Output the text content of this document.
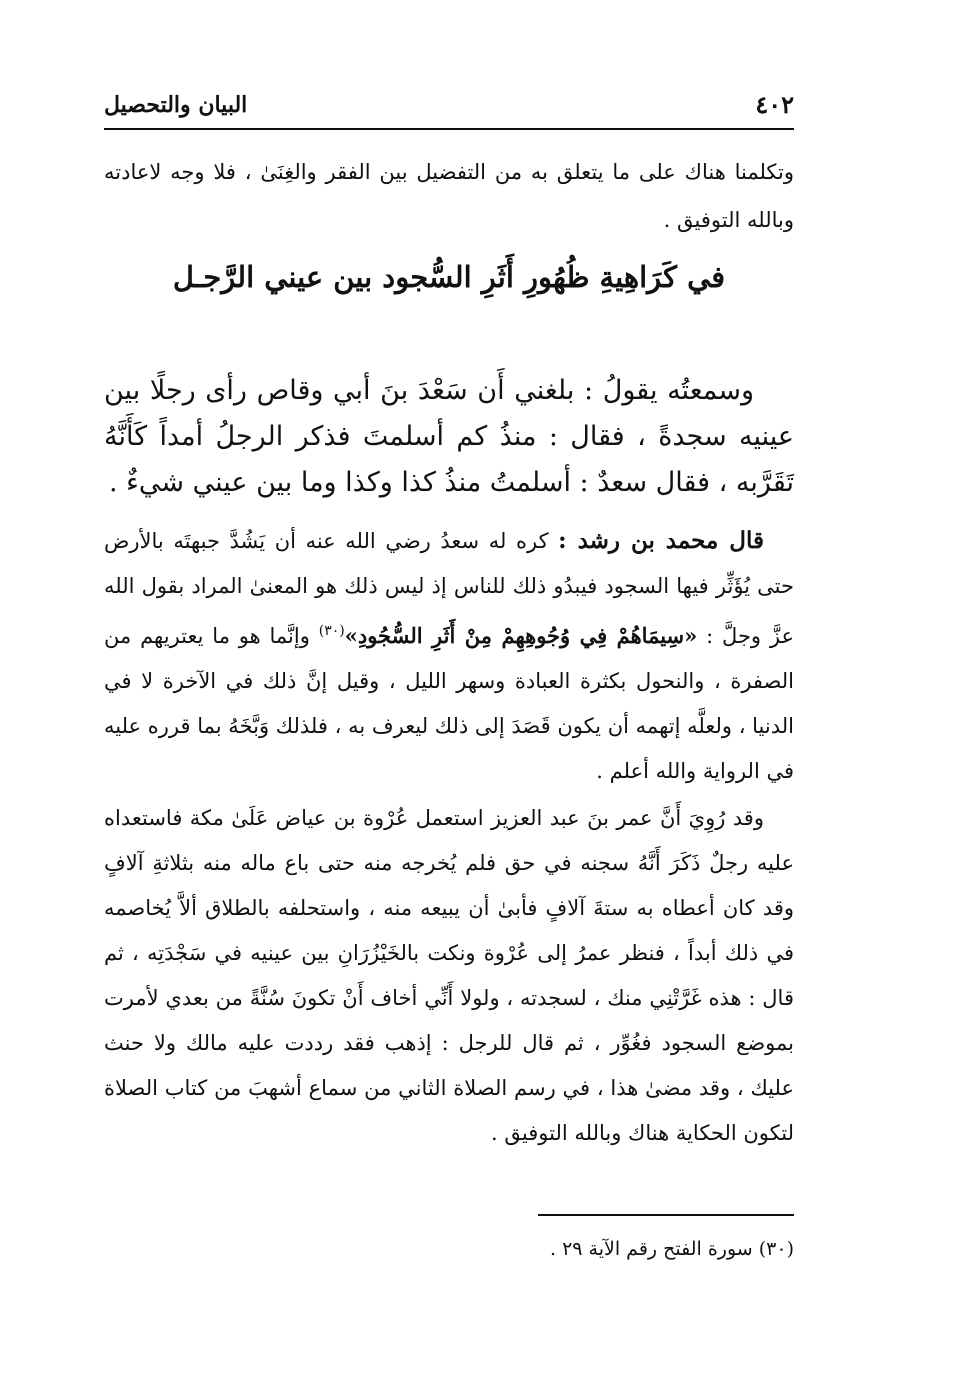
٤٠٢
البيان والتحصيل
وتكلمنا هناك على ما يتعلق به من التفضيل بين الفقر والغِنَىٰ ، فلا وجه لاعادته وبالله التوفيق .
في كَرَاهِيةِ ظُهُورِ أَثَرِ السُّجود بين عيني الرَّجـل
وسمعتُه يقولُ : بلغني أَن سَعْدَ بنَ أبي وقاص رأى رجلًا بين عينيه سجدةً ، فقال : منذُ كم أسلمتَ فذكر الرجلُ أمداً كَأَنَّهُ تَقَرَّبه ، فقال سعدٌ : أسلمتُ منذُ كذا وكذا وما بين عيني شيءٌ .
قال محمد بن رشد : كره له سعدُ رضي الله عنه أن يَشُدَّ جبهتَه بالأرض حتى يُؤَثِّر فيها السجود فيبدُو ذلك للناس إذ ليس ذلك هو المعنىٰ المراد بقول الله عزَّ وجلَّ : «سِيمَاهُمْ فِي وُجُوهِهِمْ مِنْ أَثَرِ السُّجُودِ»$^{(٣٠)}$ وإنَّما هو ما يعتريهم من الصفرة ، والنحول بكثرة العبادة وسهر الليل ، وقيل إنَّ ذلك في الآخرة لا في الدنيا ، ولعلَّه إتهمه أن يكون قَصَدَ إلى ذلك ليعرف به ، فلذلك وَبَّخَهُ بما قرره عليه في الرواية والله أعلم .
وقد رُوِيَ أَنَّ عمر بنَ عبد العزيز استعمل عُرْوة بن عياض عَلَىٰ مكة فاستعداه عليه رجلٌ ذَكَرَ أَنَّهُ سجنه في حق فلم يُخرجه منه حتى باع ماله منه بثلاثةِ آلافٍ وقد كان أعطاه به ستةَ آلافٍ فأبىٰ أن يبيعه منه ، واستحلفه بالطلاق ألاَّ يُخاصمه في ذلك أبداً ، فنظر عمرُ إلى عُرْوة ونكت بالخَيْزُرَانِ بين عينيه في سَجْدَتِه ، ثم قال : هذه غَرَّتْنِي منك ، لسجدته ، ولولا أَنِّي أخاف أَنْ تكونَ سُنَّةً من بعدي لأمرت بموضع السجود فغُوِّر ، ثم قال للرجل : إذهب فقد رددت عليه مالك ولا حنث عليك ، وقد مضىٰ هذا ، في رسم الصلاة الثاني من سماع أشهبَ من كتاب الصلاة لتكون الحكاية هناك وبالله التوفيق .
(٣٠) سورة الفتح رقم الآية ٢٩ .
